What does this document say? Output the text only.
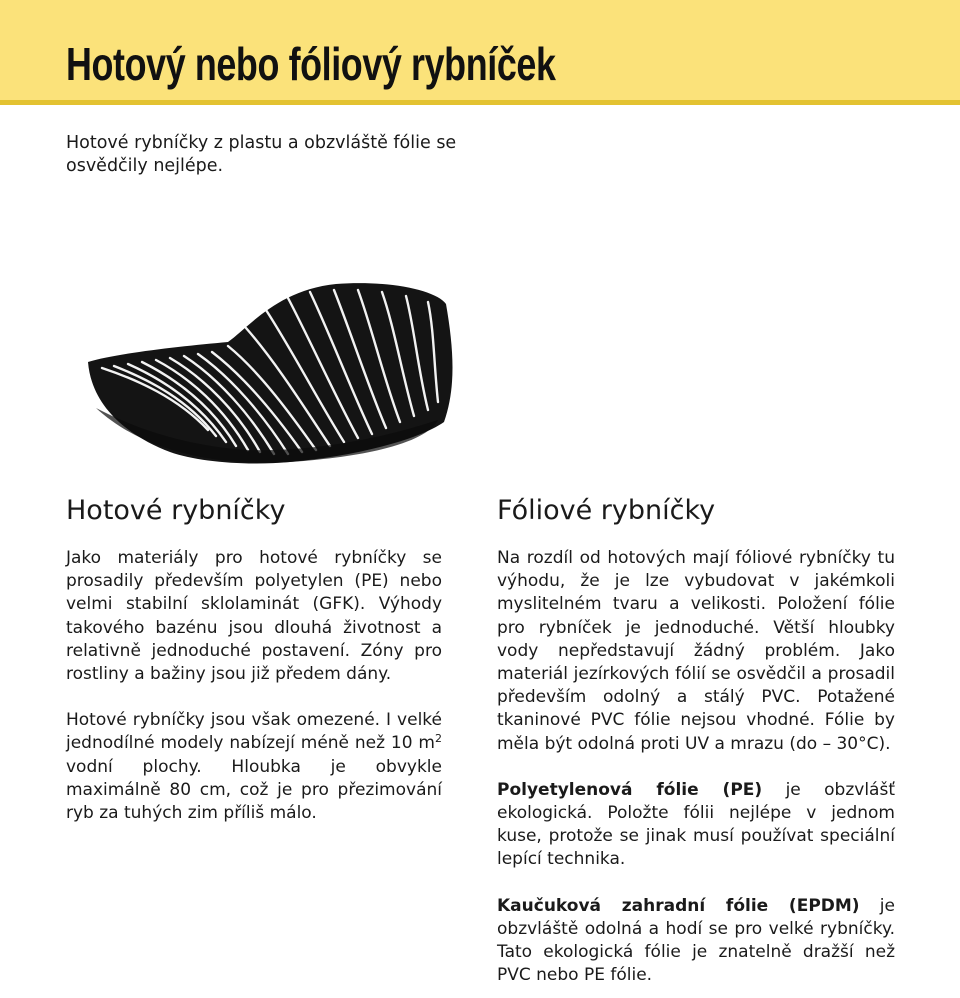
Hotový nebo fóliový rybníček

Hotové rybníčky z plastu a obzvláště fólie se osvědčily nejlépe.

Hotové rybníčky

Jako materiály pro hotové rybníčky se prosadily především polyetylen (PE) nebo velmi stabilní sklolaminát (GFK). Výhody takového bazénu jsou dlouhá životnost a relativně jednoduché postavení. Zóny pro rostliny a bažiny jsou již předem dány.

Hotové rybníčky jsou však omezené. I velké jednodílné modely nabízejí méně než 10 $m^2$ vodní plochy. Hloubka je obvykle maximálně 80 cm, což je pro přezimování ryb za tuhých zim příliš málo.

Fóliové rybníčky

Na rozdíl od hotových mají fóliové rybníčky tu výhodu, že je lze vybudovat v jakémkoli myslitelném tvaru a velikosti. Položení fólie pro rybníček je jednoduché. Větší hloubky vody nepředstavují žádný problém. Jako materiál jezírkových fólií se osvědčil a prosadil především odolný a stálý PVC. Potažené tkaninové PVC fólie nejsou vhodné. Fólie by měla být odolná proti UV a mrazu (do – 30°C).

Polyetylenová fólie (PE) je obzvlášť ekologická. Položte fólii nejlépe v jednom kuse, protože se jinak musí používat speciální lepící technika.

Kaučuková zahradní fólie (EPDM) je obzvláště odolná a hodí se pro velké rybníčky. Tato ekologická fólie je znatelně dražší než PVC nebo PE fólie.
